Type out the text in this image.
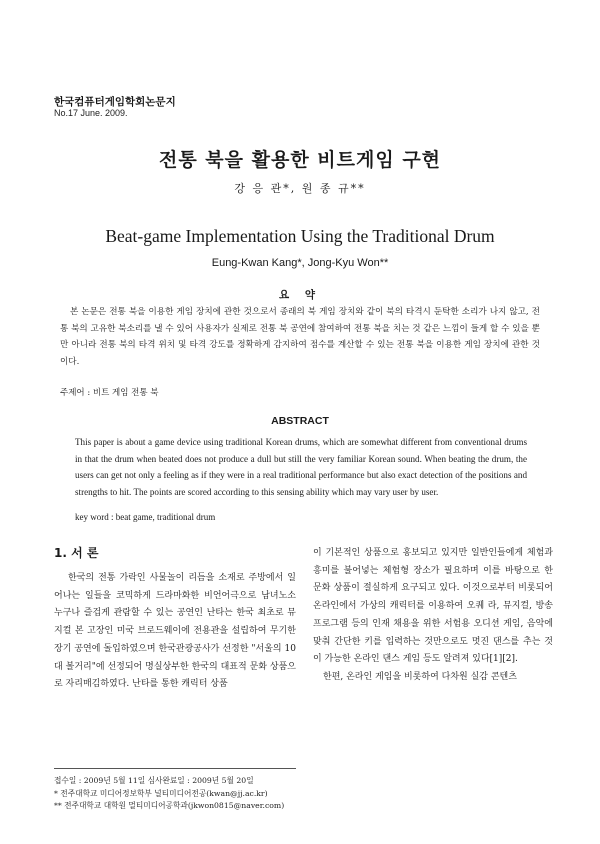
한국컴퓨터게임학회논문지
No.17 June. 2009.
전통 북을 활용한 비트게임 구현
강 응 관*, 원 종 규**
Beat-game Implementation Using the Traditional Drum
Eung-Kwan Kang*, Jong-Kyu Won**
요 약
본 논문은 전통 북을 이용한 게임 장치에 관한 것으로서 종래의 북 게임 장치와 같이 북의 타격시 둔탁한 소리가 나지 않고, 전통 북의 고유한 북소리를 낼 수 있어 사용자가 실제로 전통 북 공연에 참여하여 전통 북을 치는 것 같은 느낌이 들게 할 수 있을 뿐만 아니라 전통 북의 타격 위치 및 타격 강도를 정확하게 감지하여 점수를 계산할 수 있는 전통 북을 이용한 게임 장치에 관한 것이다.
주제어 : 비트 게임 전통 북
ABSTRACT
This paper is about a game device using traditional Korean drums, which are somewhat different from conventional drums in that the drum when beated does not produce a dull but still the very familiar Korean sound. When beating the drum, the users can get not only a feeling as if they were in a real traditional performance but also exact detection of the positions and strengths to hit. The points are scored according to this sensing ability which may vary user by user.
key word : beat game, traditional drum
1. 서 론
한국의 전통 가락인 사물놀이 리듬을 소재로 주방에서 일어나는 일들을 코믹하게 드라마화한 비언어극으로 남녀노소 누구나 즐겁게 관람할 수 있는 공연인 난타는 한국 최초로 뮤지컬 본 고장인 미국 브로드웨이에 전용관을 설립하여 무기한 장기 공연에 돌입하였으며 한국관광공사가 선정한 "서울의 10대 볼거리"에 선정되어 명실상부한 한국의 대표적 문화 상품으로 자리매김하였다. 난타를 통한 캐릭터 상품

이 기본적인 상품으로 홍보되고 있지만 일반인들에게 체험과 흥미를 불어넣는 체험형 장소가 필요하며 이를 바탕으로 한 문화 상품이 절실하게 요구되고 있다. 이것으로부터 비롯되어 온라인에서 가상의 캐릭터를 이용하여 오퀘 라, 뮤지컬, 방송 프로그램 등의 인재 채용을 위한 서험용 오디션 게임, 음악에 맞춰 간단한 키를 입력하는 것만으로도 멋진 댄스를 추는 것이 가능한 온라인 댄스 게임 등도 알려져 있다[1][2].

한편, 온라인 게임을 비롯하여 다차원 실감 콘텐츠

접수일 : 2009년 5월 11일 심사완료일 : 2009년 5월 20일
* 전주대학교 미디어정보학부 널티미디어전공(kwan@jj.ac.kr)
** 전주대학교 대학원 멀티미디어공학과(jkwon0815@naver.com)
